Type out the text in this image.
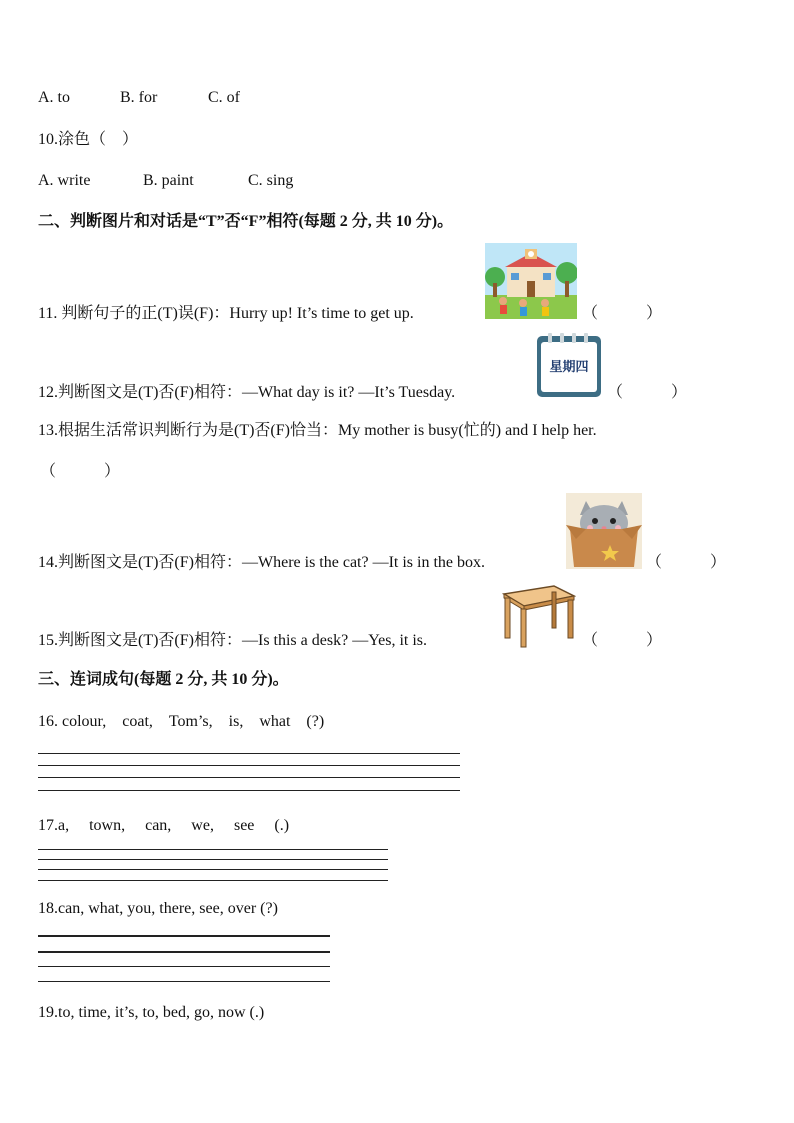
A. to	B. for	C. of
10.涂色（　）
A. write	B. paint	C. sing
二、判断图片和对话是“T”否“F”相符(每题 2 分, 共 10 分)。
11. 判断句子的正(T)误(F)：Hurry up! It’s time to get up.	（　　　）
12.判断图文是(T)否(F)相符：—What day is it? —It’s Tuesday.
星期四
（　　　）
13.根据生活常识判断行为是(T)否(F)恰当：My mother is busy(忙的) and I help her.
（　　　）
14.判断图文是(T)否(F)相符：—Where is the cat? —It is in the box.	（　　　）
15.判断图文是(T)否(F)相符：—Is this a desk? —Yes, it is.	（　　　）
三、连词成句(每题 2 分, 共 10 分)。
16. colour,　coat,　Tom’s,　is,　what　(?)
17.a,　 town,　 can,　 we,　 see　 (.)
18.can, what, you, there, see, over (?)
19.to, time, it’s, to, bed, go, now (.)
